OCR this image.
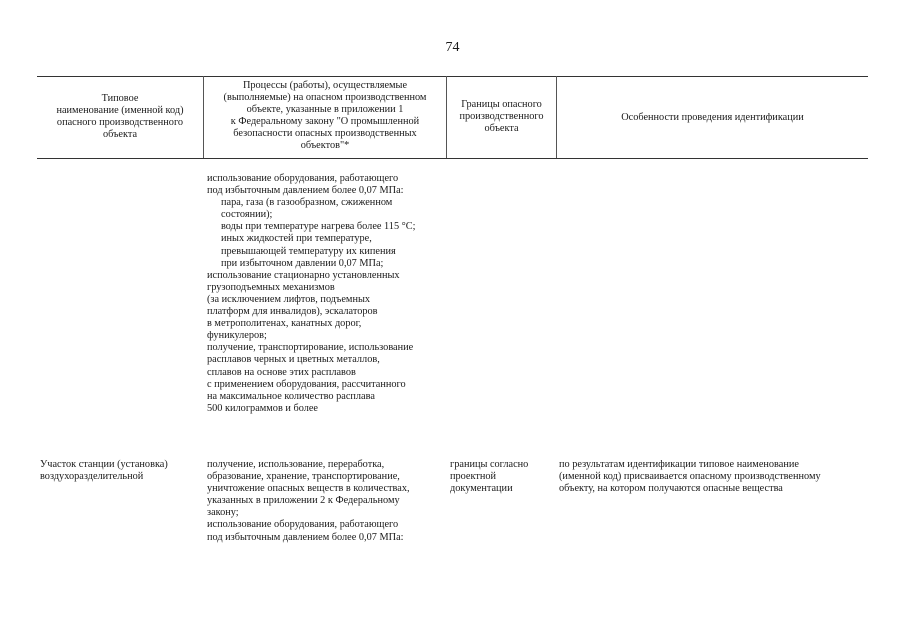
74
Типовое
наименование (именной код)
опасного производственного
объекта
Процессы (работы), осуществляемые
(выполняемые) на опасном производственном
объекте, указанные в приложении 1
к Федеральному закону "О промышленной
безопасности опасных производственных
объектов"*
Границы опасного
производственного
объекта
Особенности проведения идентификации
использование оборудования, работающего
под избыточным давлением более 0,07 МПа:
пара, газа (в газообразном, сжиженном
состоянии);
воды при температуре нагрева более 115 °С;
иных жидкостей при температуре,
превышающей температуру их кипения
при избыточном давлении 0,07 МПа;
использование стационарно установленных
грузоподъемных механизмов
(за исключением лифтов, подъемных
платформ для инвалидов), эскалаторов
в метрополитенах, канатных дорог,
фуникулеров;
получение, транспортирование, использование
расплавов черных и цветных металлов,
сплавов на основе этих расплавов
с применением оборудования, рассчитанного
на максимальное количество расплава
500 килограммов и более
Участок станции (установка)
воздухоразделительной
получение, использование, переработка,
образование, хранение, транспортирование,
уничтожение опасных веществ в количествах,
указанных в приложении 2 к Федеральному
закону;
использование оборудования, работающего
под избыточным давлением более 0,07 МПа:
границы согласно
проектной
документации
по результатам идентификации типовое наименование
(именной код) присваивается опасному производственному
объекту, на котором получаются опасные вещества
